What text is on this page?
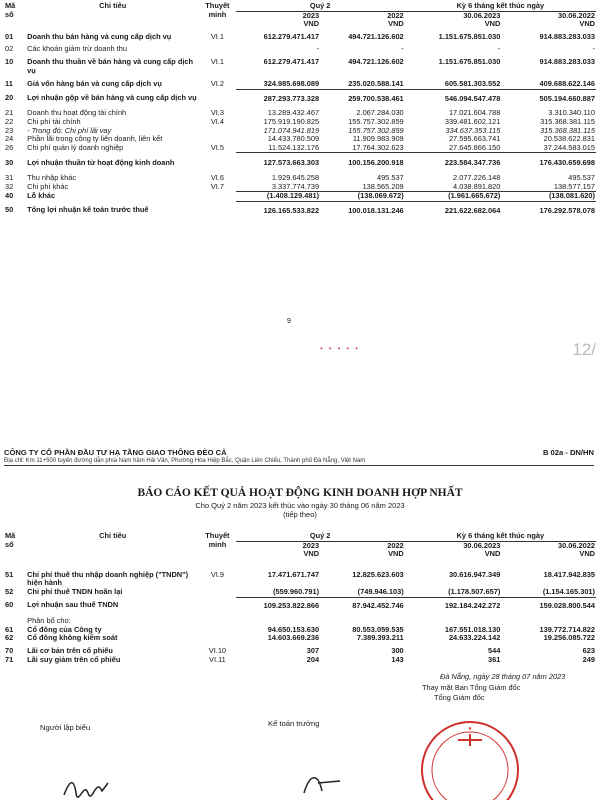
Mã
số	Chỉ tiêu	Thuyết
minh	Quý 2		Kỳ 6 tháng kết thúc ngày	
			2023	2022	30.06.2023	30.06.2022
			VND	VND	VND	VND
01	Doanh thu bán hàng và cung cấp dịch vụ	VI.1	612.279.471.417	494.721.126.602	1.151.675.851.030	914.883.283.033
02	Các khoản giảm trừ doanh thu		-	-	-	-
10	Doanh thu thuần về bán hàng và cung cấp dịch vụ	VI.1	612.279.471.417	494.721.126.602	1.151.675.851.030	914.883.283.033
11	Giá vốn hàng bán và cung cấp dịch vụ	VI.2	324.985.698.089	235.020.588.141	605.581.303.552	409.688.622.146
20	Lợi nhuận gộp về bán hàng và cung cấp dịch vụ		287.293.773.328	259.700.538.461	546.094.547.478	505.194.660.887
21	Doanh thu hoạt động tài chính	VI.3	13.289.432.467	2.067.284.030	17.021.604.788	3.310.340.110
22	Chi phí tài chính	VI.4	175.919.190.825	155.757.302.859	339.481.602.121	315.368.381.115
23	- Trong đó: Chi phí lãi vay		171.074.941.819	155.757.302.859	334.637.353.115	315.368.381.115
24	Phần lãi trong công ty liên doanh, liên kết		14.433.780.509	11.909.983.909	27.595.663.741	20.538.622.831
26	Chi phí quản lý doanh nghiệp	VI.5	11.524.132.176	17.764.302.623	27.645.866.150	37.244.583.015
30	Lợi nhuận thuần từ hoạt động kinh doanh		127.573.663.303	100.156.200.918	223.584.347.736	176.430.659.698
31	Thu nhập khác	VI.6	1.929.645.258	495.537	2.077.226.148	495.537
32	Chi phí khác	VI.7	3.337.774.739	138.565.209	4.038.891.820	138.577.157
40	Lỗ khác		(1.408.129.481)	(138.069.672)	(1.961.665.672)	(138.081.620)
50	Tổng lợi nhuận kế toán trước thuế		126.165.533.822	100.018.131.246	221.622.682.064	176.292.578.078
9
•••••	12/
CÔNG TY CỔ PHẦN ĐẦU TƯ HẠ TẦNG GIAO THÔNG ĐÈO CẢ	B 02a - DN/HN
Địa chỉ: Km 11+500 tuyến đường dẫn phía Nam hầm Hải Vân, Phường Hòa Hiệp Bắc, Quận Liên Chiểu, Thành phố Đà Nẵng, Việt Nam
BÁO CÁO KẾT QUẢ HOẠT ĐỘNG KINH DOANH HỢP NHẤT
Cho Quý 2 năm 2023 kết thúc vào ngày 30 tháng 06 năm 2023
(tiếp theo)
Mã
số	Chỉ tiêu	Thuyết
minh	Quý 2		Kỳ 6 tháng kết thúc ngày	
			2023	2022	30.06.2023	30.06.2022
			VND	VND	VND	VND
51	Chi phí thuế thu nhập doanh nghiệp ("TNDN") hiện hành	VI.9	17.471.671.747	12.825.623.603	30.616.947.349	18.417.942.835
52	Chi phí thuế TNDN hoãn lại		(559.960.791)	(749.946.103)	(1.178.507.657)	(1.154.165.301)
60	Lợi nhuận sau thuế TNDN		109.253.822.866	87.942.452.746	192.184.242.272	159.028.800.544
	Phân bổ cho:					
61	Cổ đông của Công ty		94.650.153.630	80.553.059.535	167.551.018.130	139.772.714.822
62	Cổ đông không kiểm soát		14.603.669.236	7.389.393.211	24.633.224.142	19.256.085.722
70	Lãi cơ bản trên cổ phiếu	VI.10	307	300	544	623
71	Lãi suy giảm trên cổ phiếu	VI.11	204	143	361	249
Đà Nẵng, ngày 28 tháng 07 năm 2023
Thay mặt Ban Tổng Giám đốc
Tổng Giám đốc
Người lập biểu	Kế toán trưởng
★
